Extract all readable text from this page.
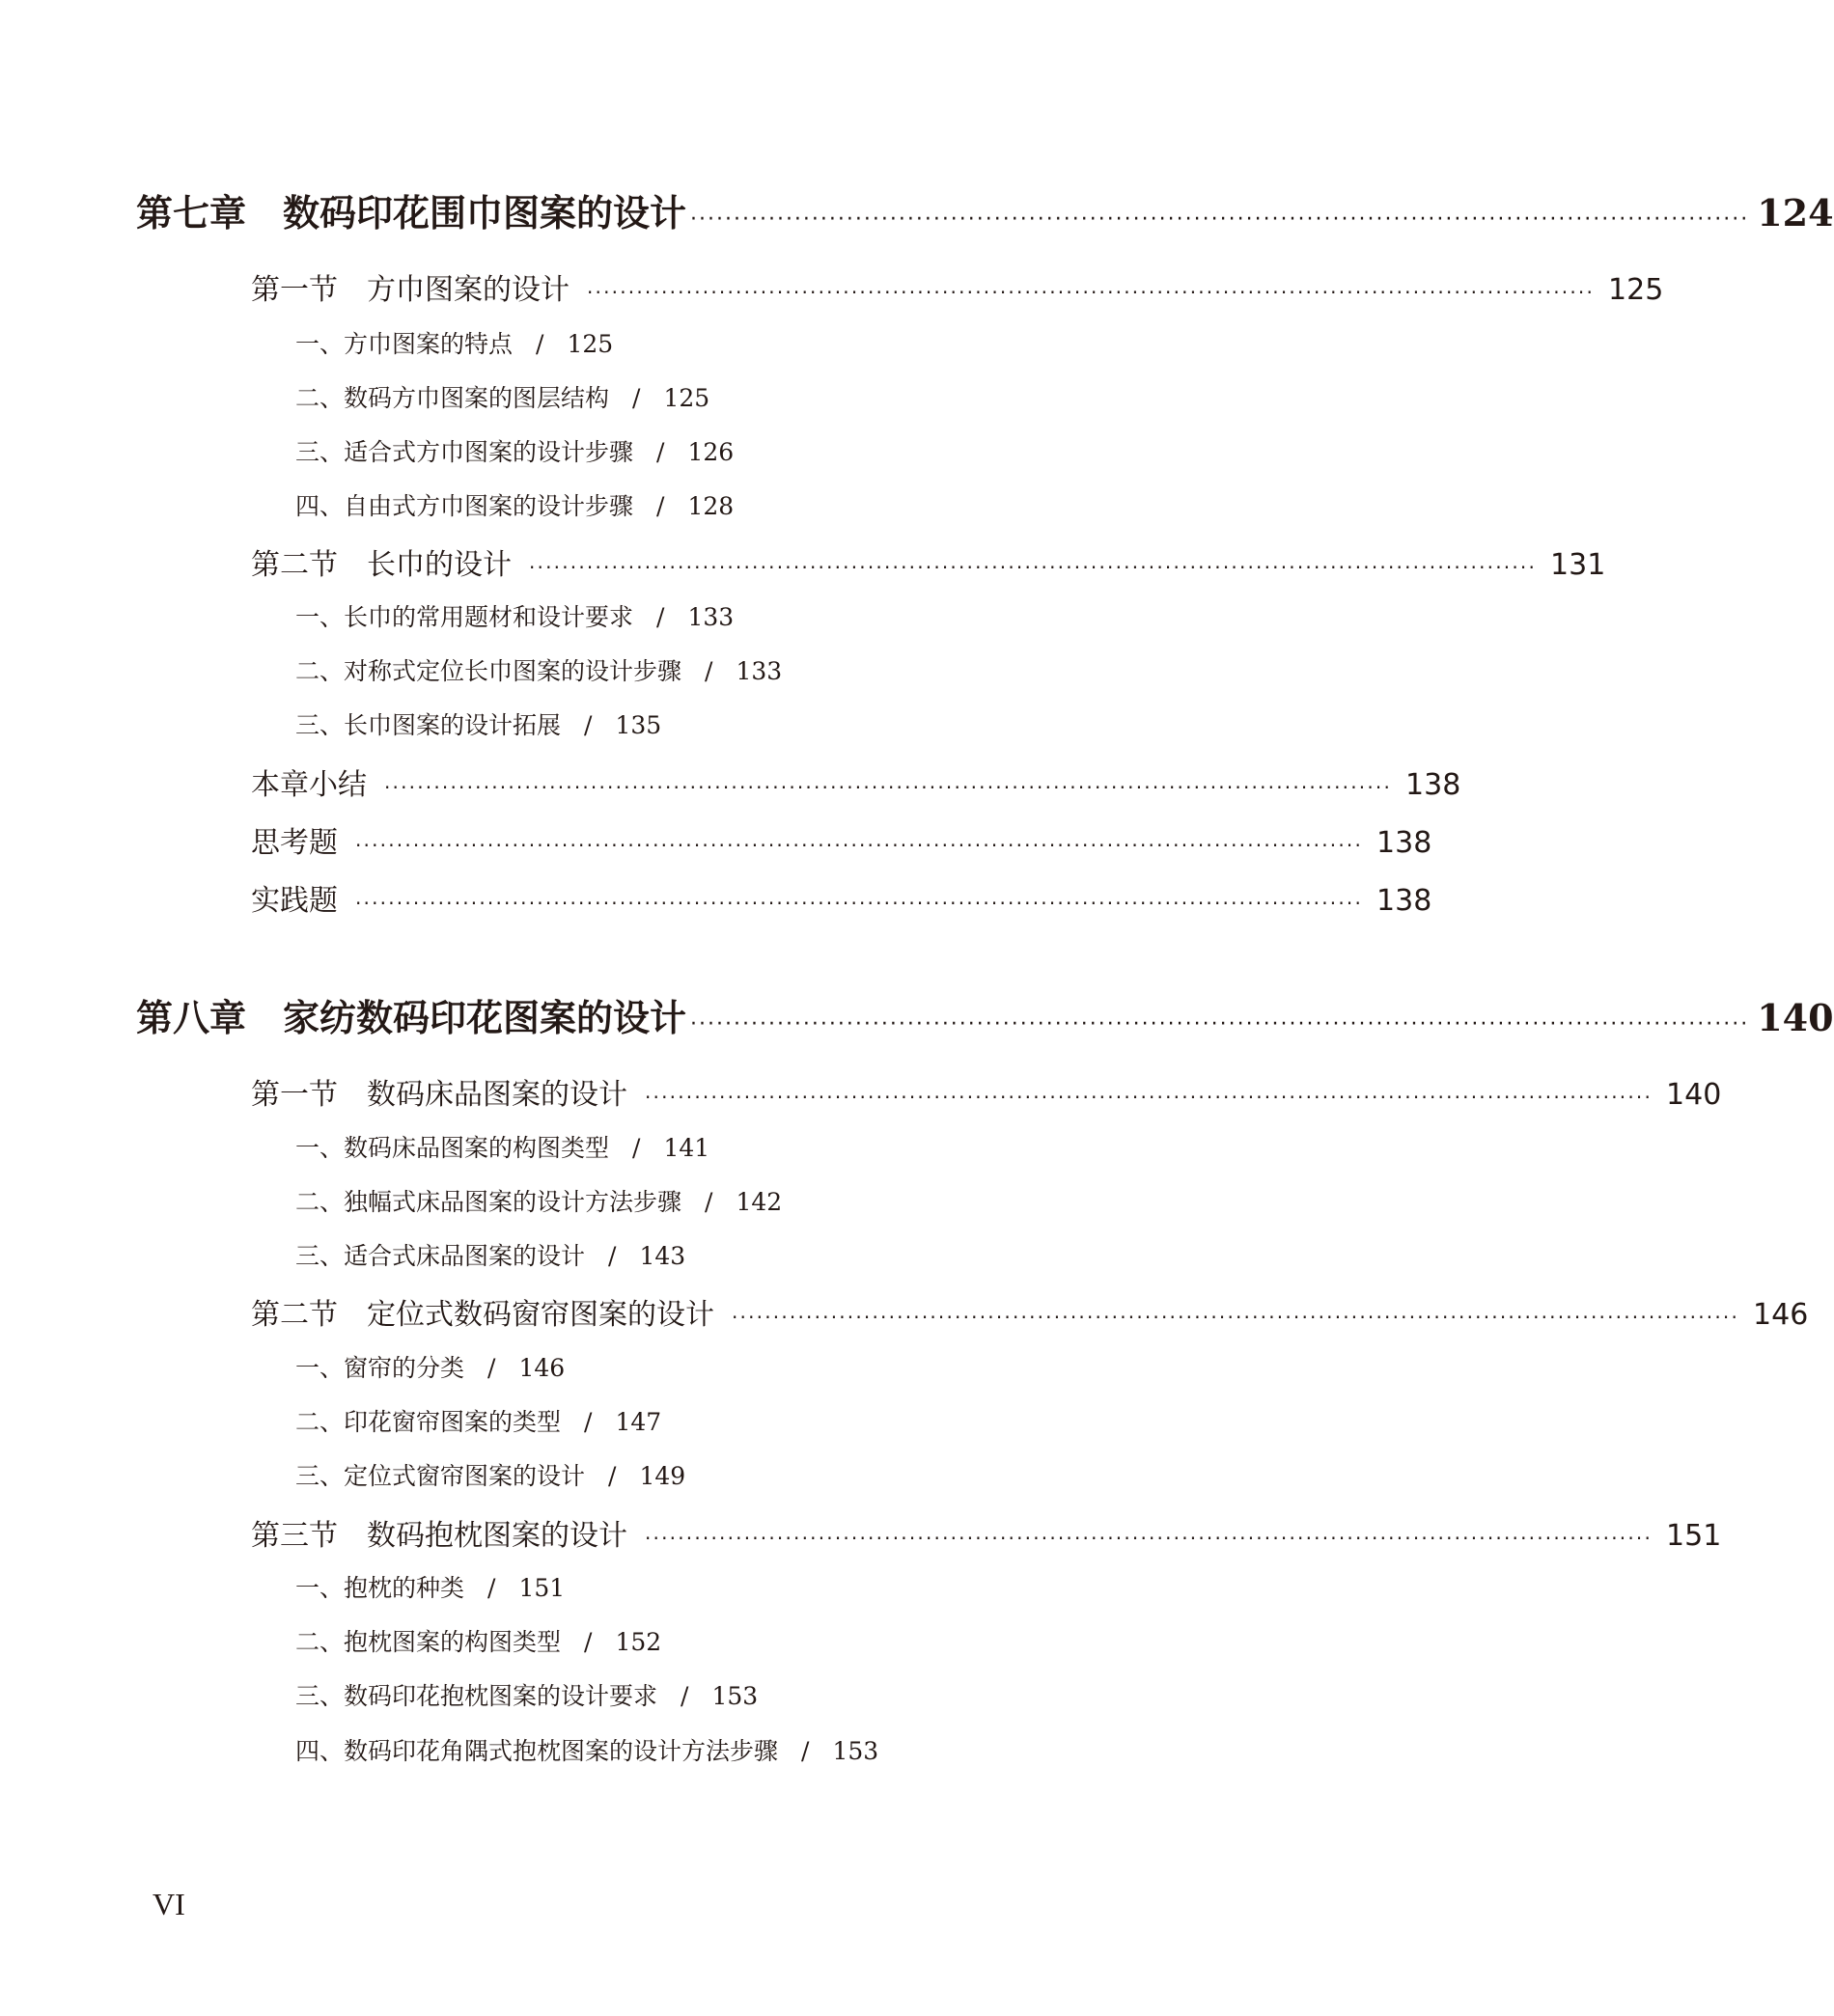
第七章　数码印花围巾图案的设计 ·························································································································· 124
第一节　方巾图案的设计 ·························································································································· 125
一、方巾图案的特点 / 125
二、数码方巾图案的图层结构 / 125
三、适合式方巾图案的设计步骤 / 126
四、自由式方巾图案的设计步骤 / 128
第二节　长巾的设计 ·························································································································· 131
一、长巾的常用题材和设计要求 / 133
二、对称式定位长巾图案的设计步骤 / 133
三、长巾图案的设计拓展 / 135
本章小结 ·························································································································· 138
思考题 ·························································································································· 138
实践题 ·························································································································· 138
第八章　家纺数码印花图案的设计 ·························································································································· 140
第一节　数码床品图案的设计 ·························································································································· 140
一、数码床品图案的构图类型 / 141
二、独幅式床品图案的设计方法步骤 / 142
三、适合式床品图案的设计 / 143
第二节　定位式数码窗帘图案的设计 ·························································································································· 146
一、窗帘的分类 / 146
二、印花窗帘图案的类型 / 147
三、定位式窗帘图案的设计 / 149
第三节　数码抱枕图案的设计 ·························································································································· 151
一、抱枕的种类 / 151
二、抱枕图案的构图类型 / 152
三、数码印花抱枕图案的设计要求 / 153
四、数码印花角隅式抱枕图案的设计方法步骤 / 153
VI
